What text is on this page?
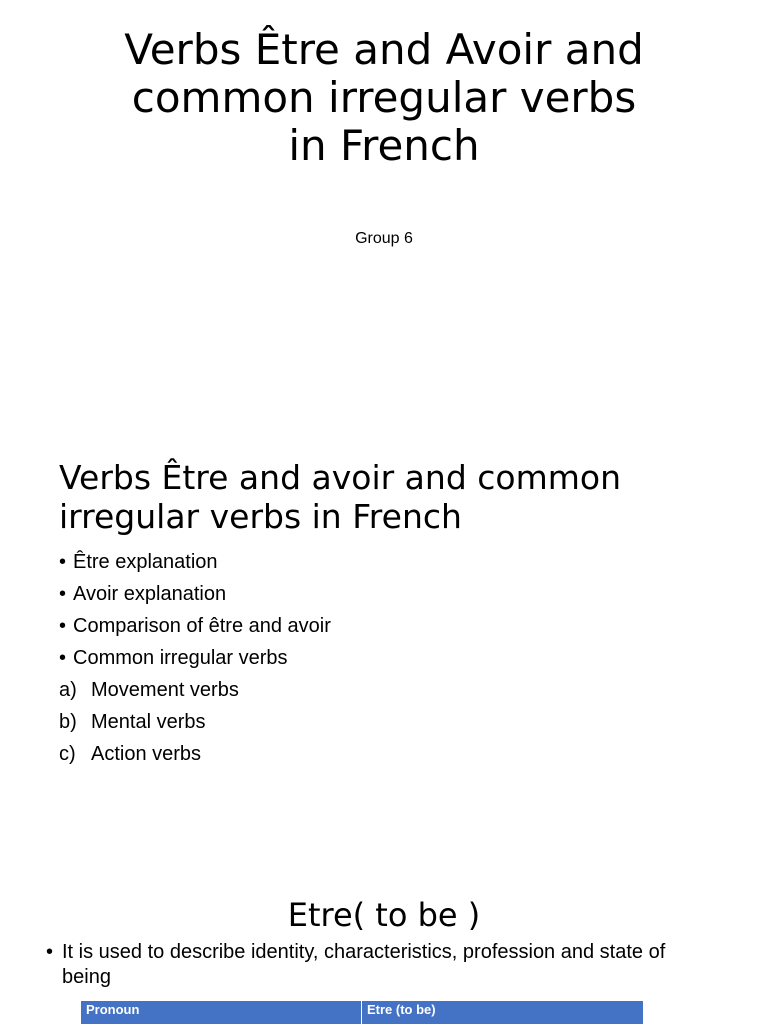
Verbs Être and Avoir and
common irregular verbs
in French
Group 6
Verbs Être and avoir and common
irregular verbs in French
• Être explanation
• Avoir explanation
• Comparison of être and avoir
• Common irregular verbs
a) Movement verbs
b) Mental verbs
c) Action verbs
Etre( to be )
• It is used to describe identity, characteristics, profession and state of being
Pronoun	Etre (to be)
